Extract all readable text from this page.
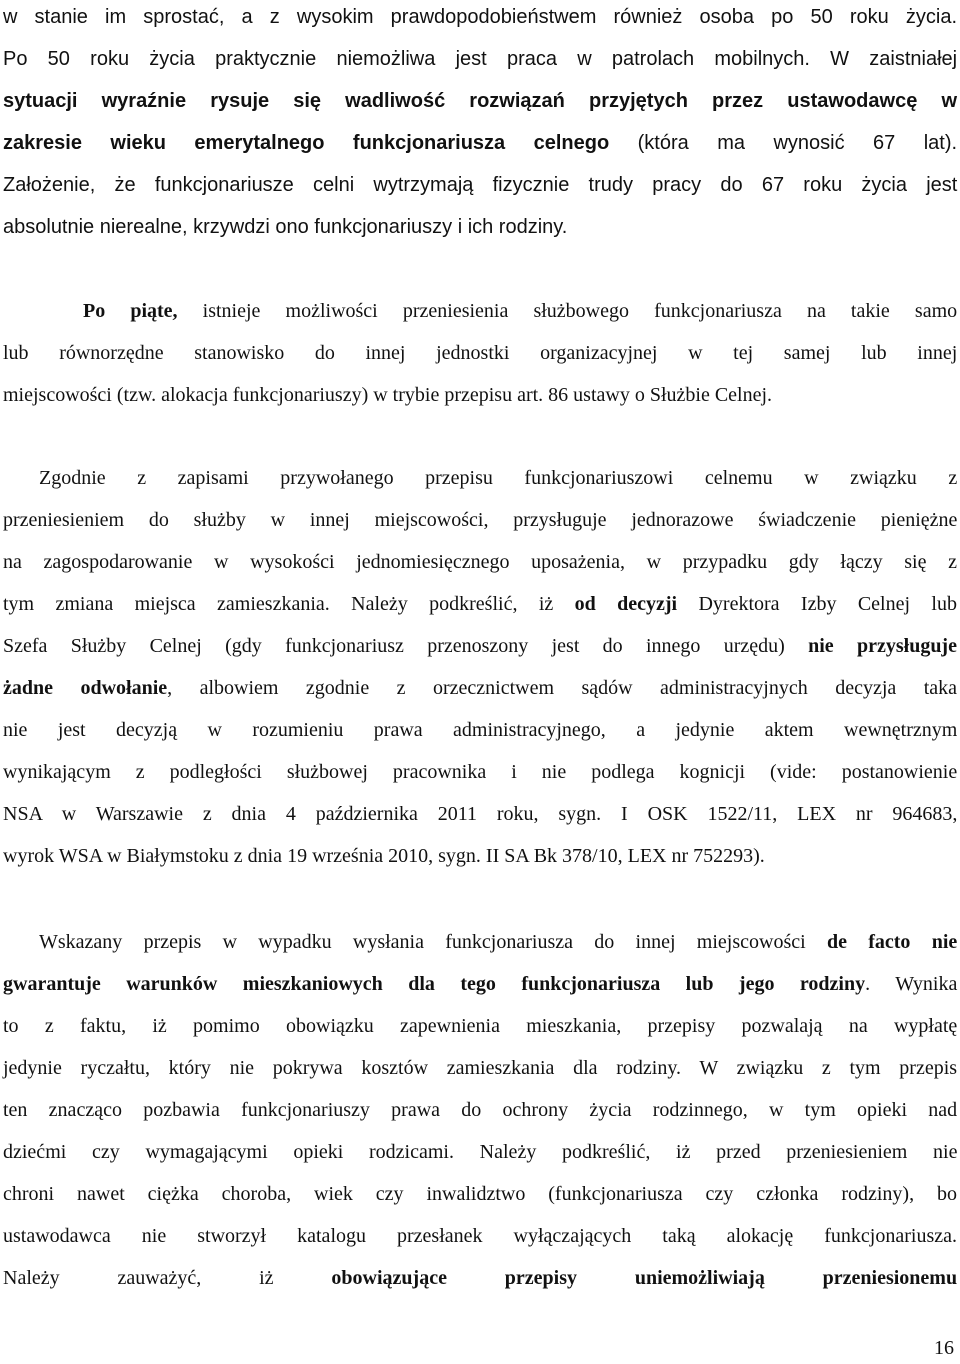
w stanie im sprostać, a z wysokim prawdopodobieństwem również osoba po 50 roku życia.
Po 50 roku życia praktycznie niemożliwa jest praca w patrolach mobilnych. W zaistniałej
sytuacji wyraźnie rysuje się wadliwość rozwiązań przyjętych przez ustawodawcę w
zakresie wieku emerytalnego funkcjonariusza celnego (która ma wynosić 67 lat).
Założenie, że funkcjonariusze celni wytrzymają fizycznie trudy pracy do 67 roku życia jest
absolutnie nierealne, krzywdzi ono funkcjonariuszy i ich rodziny.
Po piąte, istnieje możliwości przeniesienia służbowego funkcjonariusza na takie samo
lub równorzędne stanowisko do innej jednostki organizacyjnej w tej samej lub innej
miejscowości (tzw. alokacja funkcjonariuszy) w trybie przepisu art. 86 ustawy o Służbie Celnej.
Zgodnie z zapisami przywołanego przepisu funkcjonariuszowi celnemu w związku z
przeniesieniem do służby w innej miejscowości, przysługuje jednorazowe świadczenie pieniężne
na zagospodarowanie w wysokości jednomiesięcznego uposażenia, w przypadku gdy łączy się z
tym zmiana miejsca zamieszkania. Należy podkreślić, iż od decyzji Dyrektora Izby Celnej lub
Szefa Służby Celnej (gdy funkcjonariusz przenoszony jest do innego urzędu) nie przysługuje
żadne odwołanie, albowiem zgodnie z orzecznictwem sądów administracyjnych decyzja taka
nie jest decyzją w rozumieniu prawa administracyjnego, a jedynie aktem wewnętrznym
wynikającym z podległości służbowej pracownika i nie podlega kognicji (vide: postanowienie
NSA w Warszawie z dnia 4 października 2011 roku, sygn. I OSK 1522/11, LEX nr 964683,
wyrok WSA w Białymstoku z dnia 19 września 2010, sygn. II SA Bk 378/10, LEX nr 752293).
Wskazany przepis w wypadku wysłania funkcjonariusza do innej miejscowości de facto nie
gwarantuje warunków mieszkaniowych dla tego funkcjonariusza lub jego rodziny. Wynika
to z faktu, iż pomimo obowiązku zapewnienia mieszkania, przepisy pozwalają na wypłatę
jedynie ryczałtu, który nie pokrywa kosztów zamieszkania dla rodziny. W związku z tym przepis
ten znacząco pozbawia funkcjonariuszy prawa do ochrony życia rodzinnego, w tym opieki nad
dziećmi czy wymagającymi opieki rodzicami. Należy podkreślić, iż przed przeniesieniem nie
chroni nawet ciężka choroba, wiek czy inwalidztwo (funkcjonariusza czy członka rodziny), bo
ustawodawca nie stworzył katalogu przesłanek wyłączających taką alokację funkcjonariusza.
Należy zauważyć, iż obowiązujące przepisy uniemożliwiają przeniesionemu
16
